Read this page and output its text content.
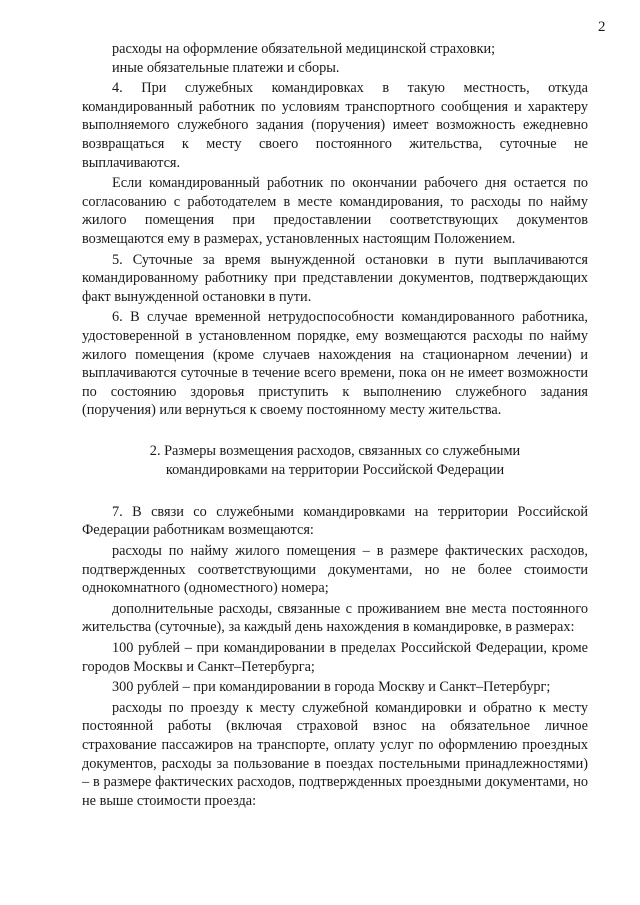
2

расходы на оформление обязательной медицинской страховки;

иные обязательные платежи и сборы.

4. При служебных командировках в такую местность, откуда командированный работник по условиям транспортного сообщения и характеру выполняемого служебного задания (поручения) имеет возможность ежедневно возвращаться к месту своего постоянного жительства, суточные не выплачиваются.

Если командированный работник по окончании рабочего дня остается по согласованию с работодателем в месте командирования, то расходы по найму жилого помещения при предоставлении соответствующих документов возмещаются ему в размерах, установленных настоящим Положением.

5. Суточные за время вынужденной остановки в пути выплачиваются командированному работнику при представлении документов, подтверждающих факт вынужденной остановки в пути.

6. В случае временной нетрудоспособности командированного работника, удостоверенной в установленном порядке, ему возмещаются расходы по найму жилого помещения (кроме случаев нахождения на стационарном лечении) и выплачиваются суточные в течение всего времени, пока он не имеет возможности по состоянию здоровья приступить к выполнению служебного задания (поручения) или вернуться к своему постоянному месту жительства.

2. Размеры возмещения расходов, связанных со служебными
командировками на территории Российской Федерации

7. В связи со служебными командировками на территории Российской Федерации работникам возмещаются:

расходы по найму жилого помещения – в размере фактических расходов, подтвержденных соответствующими документами, но не более стоимости однокомнатного (одноместного) номера;

дополнительные расходы, связанные с проживанием вне места постоянного жительства (суточные), за каждый день нахождения в командировке, в размерах:

100 рублей – при командировании в пределах Российской Федерации, кроме городов Москвы и Санкт–Петербурга;

300 рублей – при командировании в города Москву и Санкт–Петербург;

расходы по проезду к месту служебной командировки и обратно к месту постоянной работы (включая страховой взнос на обязательное личное страхование пассажиров на транспорте, оплату услуг по оформлению проездных документов, расходы за пользование в поездах постельными принадлежностями) – в размере фактических расходов, подтвержденных проездными документами, но не выше стоимости проезда:
